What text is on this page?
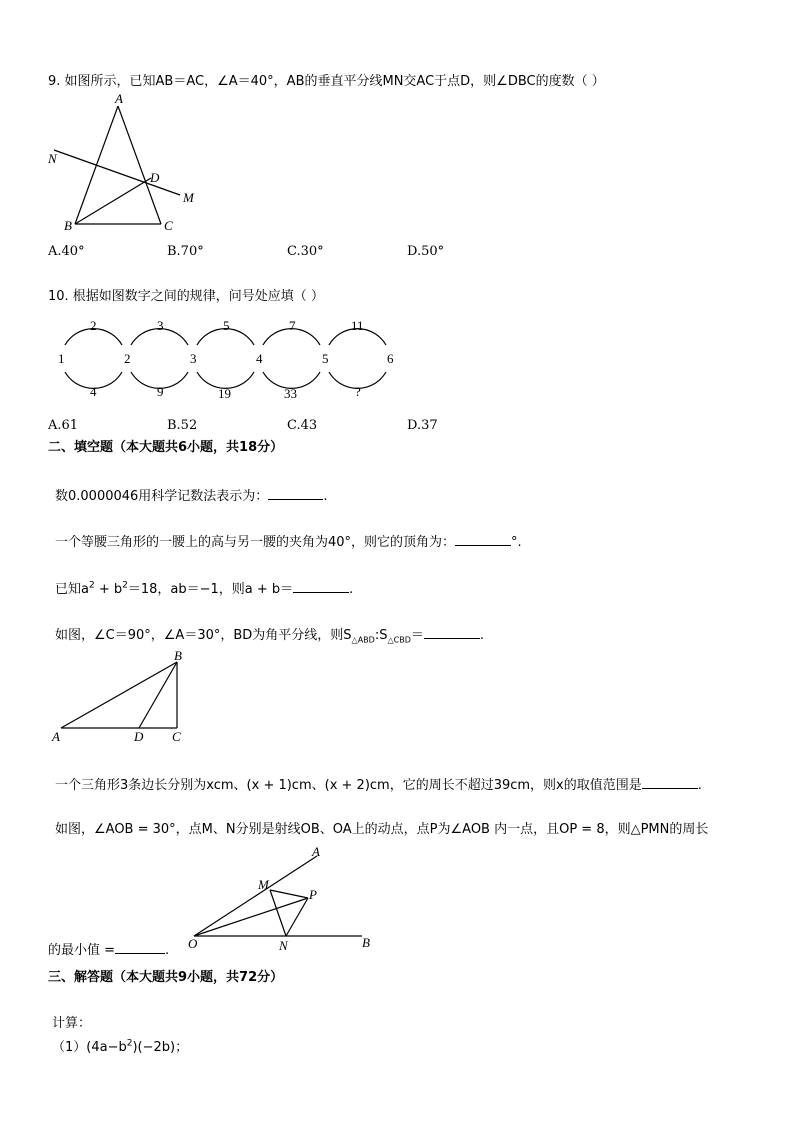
9. 如图所示，已知AB＝AC，∠A＝40°，AB的垂直平分线MN交AC于点D，则∠DBC的度数（ ）
A
B	C
D
M
N
A.40°	B.70°	C.30°	D.50°
10. 根据如图数字之间的规律，问号处应填（ ）
1	2	3	4	5	6
2	3	5	7	11
4	9	19	33	?
A.61	B.52	C.43	D.37
二、填空题（本大题共6小题，共18分）
数0.0000046用科学记数法表示为：	.
一个等腰三角形的一腰上的高与另一腰的夹角为40°，则它的顶角为：	°.
已知$a^2 + b^2=18$，ab＝−1，则a + b＝	.
如图，∠C＝90°，∠A＝30°，BD为角平分线，则$S_{\triangle ABD}:S_{\triangle CBD}=$	.
B
A	D C
一个三角形3条边长分别为xcm、(x + 1)cm、(x + 2)cm，它的周长不超过39cm，则x的取值范围是	.
如图，∠AOB = 30°，点M、N分别是射线OB、OA上的动点，点P为∠AOB 内一点，且OP = 8，则△PMN的周长
A
B
O
M
N
P
的最小值 =	.
三、解答题（本大题共9小题，共72分）
计算：
$(1)(4a-b^2)(-2b)$；
